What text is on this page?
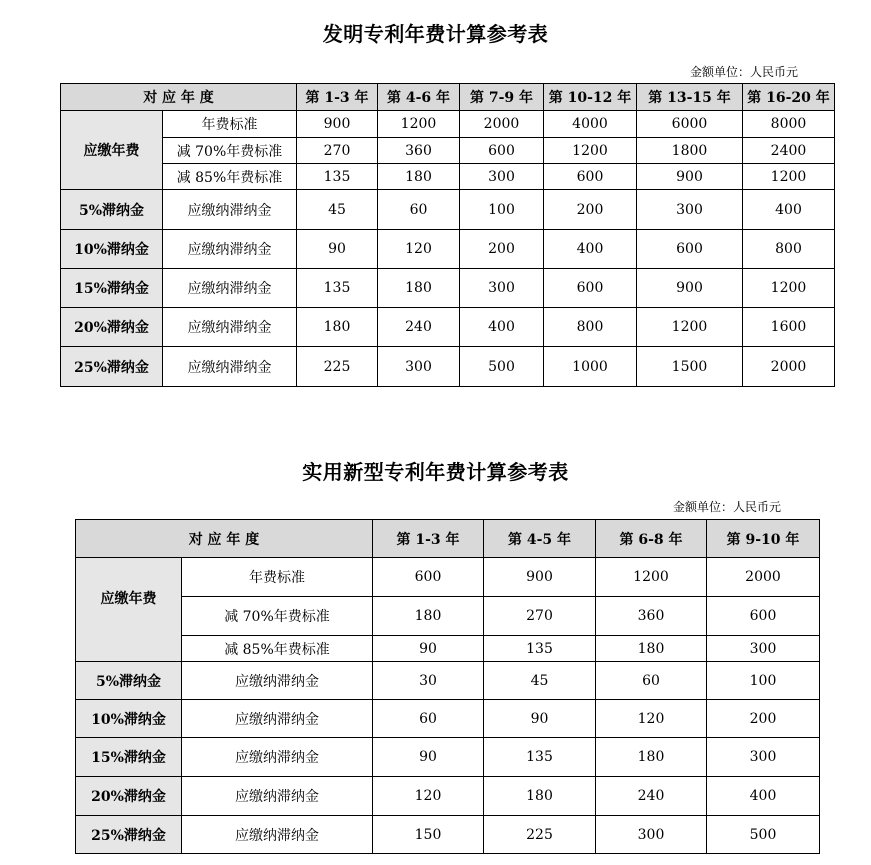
发明专利年费计算参考表
金额单位：人民币元
对 应 年 度		第 1-3 年	第 4-6 年	第 7-9 年	第 10-12 年	第 13-15 年	第 16-20 年
应缴年费	年费标准	900	1200	2000	4000	6000	8000
	减 70%年费标准	270	360	600	1200	1800	2400
	减 85%年费标准	135	180	300	600	900	1200
5%滞纳金	应缴纳滞纳金	45	60	100	200	300	400
10%滞纳金	应缴纳滞纳金	90	120	200	400	600	800
15%滞纳金	应缴纳滞纳金	135	180	300	600	900	1200
20%滞纳金	应缴纳滞纳金	180	240	400	800	1200	1600
25%滞纳金	应缴纳滞纳金	225	300	500	1000	1500	2000
实用新型专利年费计算参考表
金额单位：人民币元
对 应 年 度		第 1-3 年	第 4-5 年	第 6-8 年	第 9-10 年
应缴年费	年费标准	600	900	1200	2000
	减 70%年费标准	180	270	360	600
	减 85%年费标准	90	135	180	300
5%滞纳金	应缴纳滞纳金	30	45	60	100
10%滞纳金	应缴纳滞纳金	60	90	120	200
15%滞纳金	应缴纳滞纳金	90	135	180	300
20%滞纳金	应缴纳滞纳金	120	180	240	400
25%滞纳金	应缴纳滞纳金	150	225	300	500
